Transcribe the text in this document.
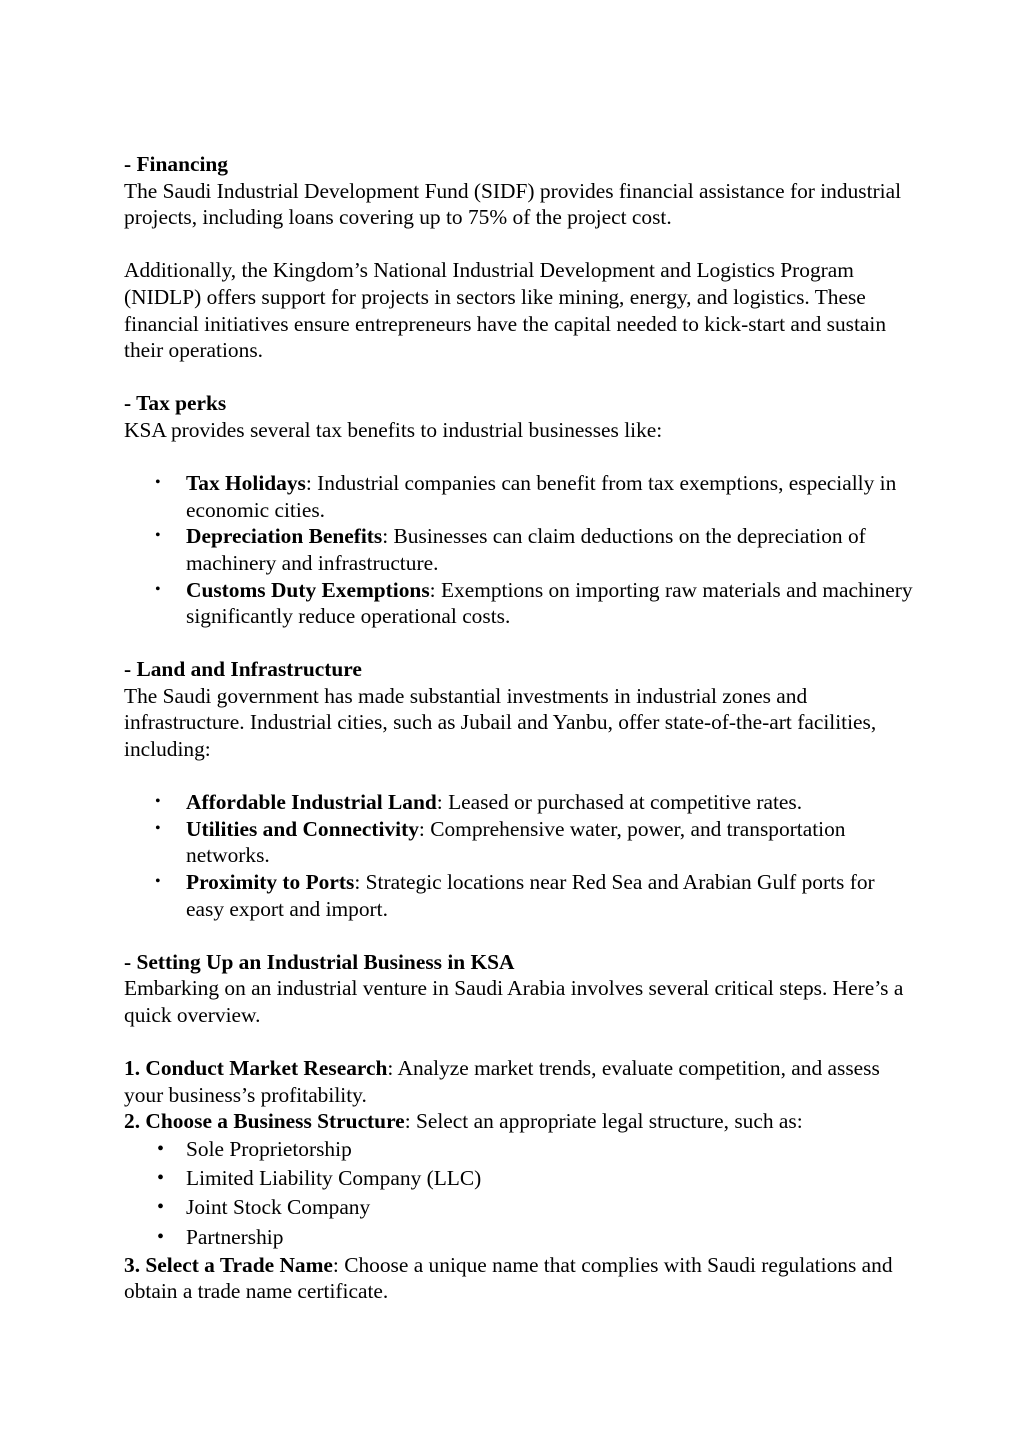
- Financing

The Saudi Industrial Development Fund (SIDF) provides financial assistance for industrial projects, including loans covering up to 75% of the project cost.

Additionally, the Kingdom’s National Industrial Development and Logistics Program (NIDLP) offers support for projects in sectors like mining, energy, and logistics. These financial initiatives ensure entrepreneurs have the capital needed to kick-start and sustain their operations.

- Tax perks

KSA provides several tax benefits to industrial businesses like:

• Tax Holidays: Industrial companies can benefit from tax exemptions, especially in economic cities.
• Depreciation Benefits: Businesses can claim deductions on the depreciation of machinery and infrastructure.
• Customs Duty Exemptions: Exemptions on importing raw materials and machinery significantly reduce operational costs.

- Land and Infrastructure

The Saudi government has made substantial investments in industrial zones and infrastructure. Industrial cities, such as Jubail and Yanbu, offer state-of-the-art facilities, including:

• Affordable Industrial Land: Leased or purchased at competitive rates.
• Utilities and Connectivity: Comprehensive water, power, and transportation networks.
• Proximity to Ports: Strategic locations near Red Sea and Arabian Gulf ports for easy export and import.

- Setting Up an Industrial Business in KSA

Embarking on an industrial venture in Saudi Arabia involves several critical steps. Here’s a quick overview.

1. Conduct Market Research: Analyze market trends, evaluate competition, and assess your business’s profitability.

2. Choose a Business Structure: Select an appropriate legal structure, such as:

• Sole Proprietorship
• Limited Liability Company (LLC)
• Joint Stock Company
• Partnership

3. Select a Trade Name: Choose a unique name that complies with Saudi regulations and obtain a trade name certificate.
